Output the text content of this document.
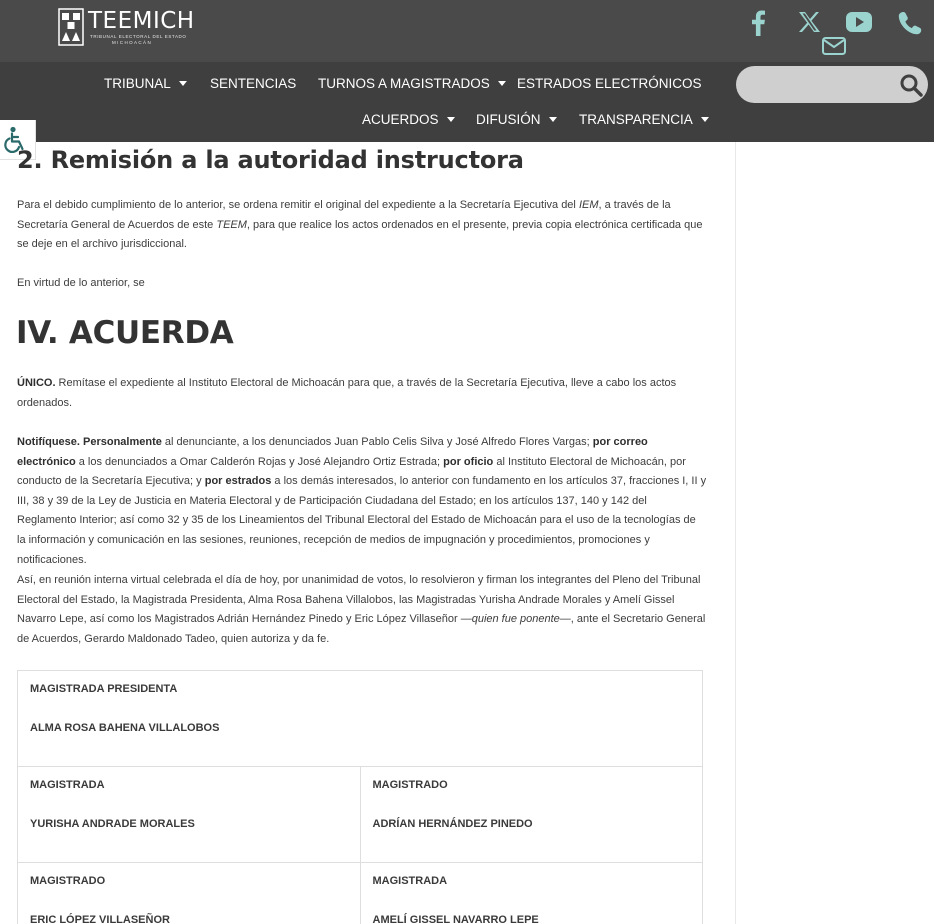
TEEMICH
TRIBUNAL ELECTORAL DEL ESTADO
MICHOACÁN
TRIBUNAL	SENTENCIAS TURNOS A MAGISTRADOS	ESTRADOS ELECTRÓNICOS
ACUERDOS	DIFUSIÓN	TRANSPARENCIA
2. Remisión a la autoridad instructora
Para el debido cumplimiento de lo anterior, se ordena remitir el original del expediente a la Secretaría Ejecutiva del IEM, a través de la Secretaría General de Acuerdos de este TEEM, para que realice los actos ordenados en el presente, previa copia electrónica certificada que se deje en el archivo jurisdiccional.
En virtud de lo anterior, se
IV. ACUERDA
ÚNICO. Remítase el expediente al Instituto Electoral de Michoacán para que, a través de la Secretaría Ejecutiva, lleve a cabo los actos ordenados.
Notifíquese. Personalmente al denunciante, a los denunciados Juan Pablo Celis Silva y José Alfredo Flores Vargas; por correo electrónico a los denunciados a Omar Calderón Rojas y José Alejandro Ortiz Estrada; por oficio al Instituto Electoral de Michoacán, por conducto de la Secretaría Ejecutiva; y por estrados a los demás interesados, lo anterior con fundamento en los artículos 37, fracciones I, II y III, 38 y 39 de la Ley de Justicia en Materia Electoral y de Participación Ciudadana del Estado; en los artículos 137, 140 y 142 del Reglamento Interior; así como 32 y 35 de los Lineamientos del Tribunal Electoral del Estado de Michoacán para el uso de la tecnologías de la información y comunicación en las sesiones, reuniones, recepción de medios de impugnación y procedimientos, promociones y notificaciones.
Así, en reunión interna virtual celebrada el día de hoy, por unanimidad de votos, lo resolvieron y firman los integrantes del Pleno del Tribunal Electoral del Estado, la Magistrada Presidenta, Alma Rosa Bahena Villalobos, las Magistradas Yurisha Andrade Morales y Amelí Gissel Navarro Lepe, así como los Magistrados Adrián Hernández Pinedo y Eric López Villaseñor —quien fue ponente—, ante el Secretario General de Acuerdos, Gerardo Maldonado Tadeo, quien autoriza y da fe.
MAGISTRADA PRESIDENTA
ALMA ROSA BAHENA VILLALOBOS
MAGISTRADA
YURISHA ANDRADE MORALES
MAGISTRADO
ADRÍAN HERNÁNDEZ PINEDO
MAGISTRADO
ERIC LÓPEZ VILLASEÑOR
MAGISTRADA
AMELÍ GISSEL NAVARRO LEPE
